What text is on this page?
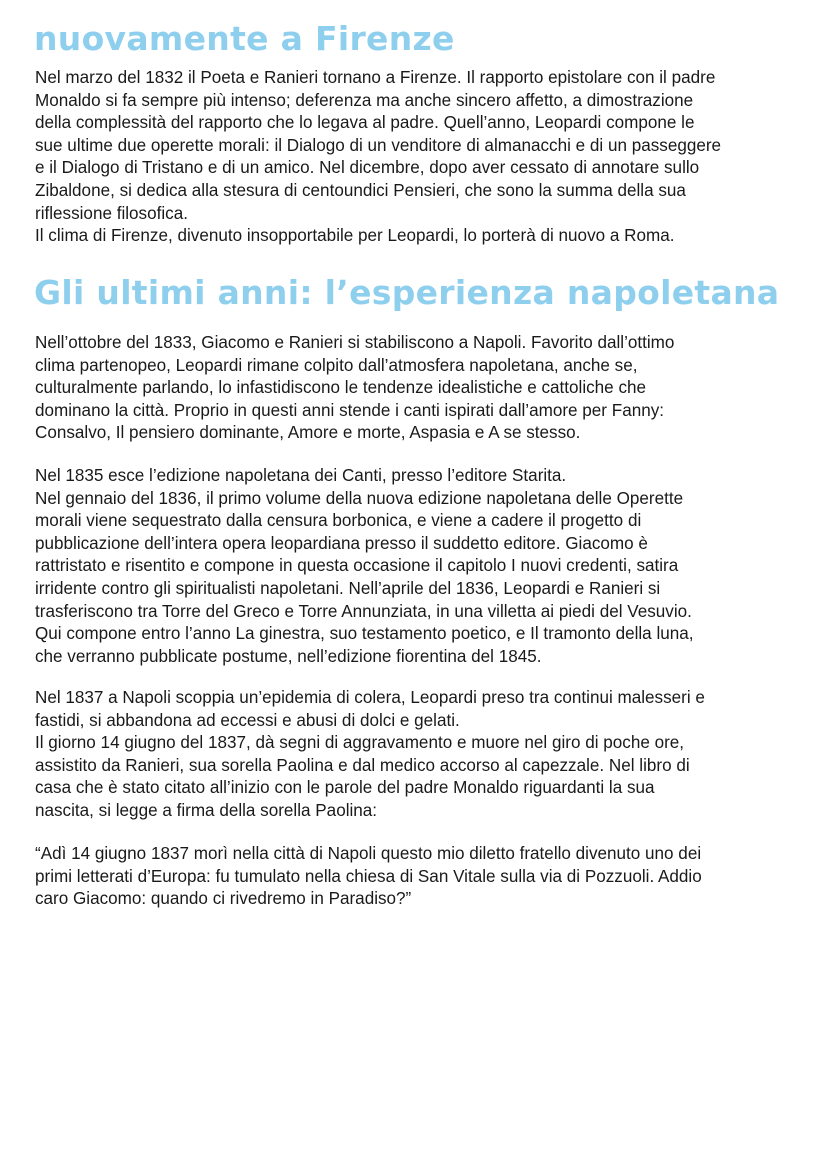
nuovamente a Firenze

Nel marzo del 1832 il Poeta e Ranieri tornano a Firenze. Il rapporto epistolare con il padre
Monaldo si fa sempre più intenso; deferenza ma anche sincero affetto, a dimostrazione
della complessità del rapporto che lo legava al padre. Quell’anno, Leopardi compone le
sue ultime due operette morali: il Dialogo di un venditore di almanacchi e di un passeggere
e il Dialogo di Tristano e di un amico. Nel dicembre, dopo aver cessato di annotare sullo
Zibaldone, si dedica alla stesura di centoundici Pensieri, che sono la summa della sua
riflessione filosofica.
Il clima di Firenze, divenuto insopportabile per Leopardi, lo porterà di nuovo a Roma.

Gli ultimi anni: l’esperienza napoletana

Nell’ottobre del 1833, Giacomo e Ranieri si stabiliscono a Napoli. Favorito dall’ottimo
clima partenopeo, Leopardi rimane colpito dall’atmosfera napoletana, anche se,
culturalmente parlando, lo infastidiscono le tendenze idealistiche e cattoliche che
dominano la città. Proprio in questi anni stende i canti ispirati dall’amore per Fanny:
Consalvo, Il pensiero dominante, Amore e morte, Aspasia e A se stesso.

Nel 1835 esce l’edizione napoletana dei Canti, presso l’editore Starita.
Nel gennaio del 1836, il primo volume della nuova edizione napoletana delle Operette
morali viene sequestrato dalla censura borbonica, e viene a cadere il progetto di
pubblicazione dell’intera opera leopardiana presso il suddetto editore. Giacomo è
rattristato e risentito e compone in questa occasione il capitolo I nuovi credenti, satira
irridente contro gli spiritualisti napoletani. Nell’aprile del 1836, Leopardi e Ranieri si
trasferiscono tra Torre del Greco e Torre Annunziata, in una villetta ai piedi del Vesuvio.
Qui compone entro l’anno La ginestra, suo testamento poetico, e Il tramonto della luna,
che verranno pubblicate postume, nell’edizione fiorentina del 1845.

Nel 1837 a Napoli scoppia un’epidemia di colera, Leopardi preso tra continui malesseri e
fastidi, si abbandona ad eccessi e abusi di dolci e gelati.
Il giorno 14 giugno del 1837, dà segni di aggravamento e muore nel giro di poche ore,
assistito da Ranieri, sua sorella Paolina e dal medico accorso al capezzale. Nel libro di
casa che è stato citato all’inizio con le parole del padre Monaldo riguardanti la sua
nascita, si legge a firma della sorella Paolina:

“Adì 14 giugno 1837 morì nella città di Napoli questo mio diletto fratello divenuto uno dei
primi letterati d’Europa: fu tumulato nella chiesa di San Vitale sulla via di Pozzuoli. Addio
caro Giacomo: quando ci rivedremo in Paradiso?”
